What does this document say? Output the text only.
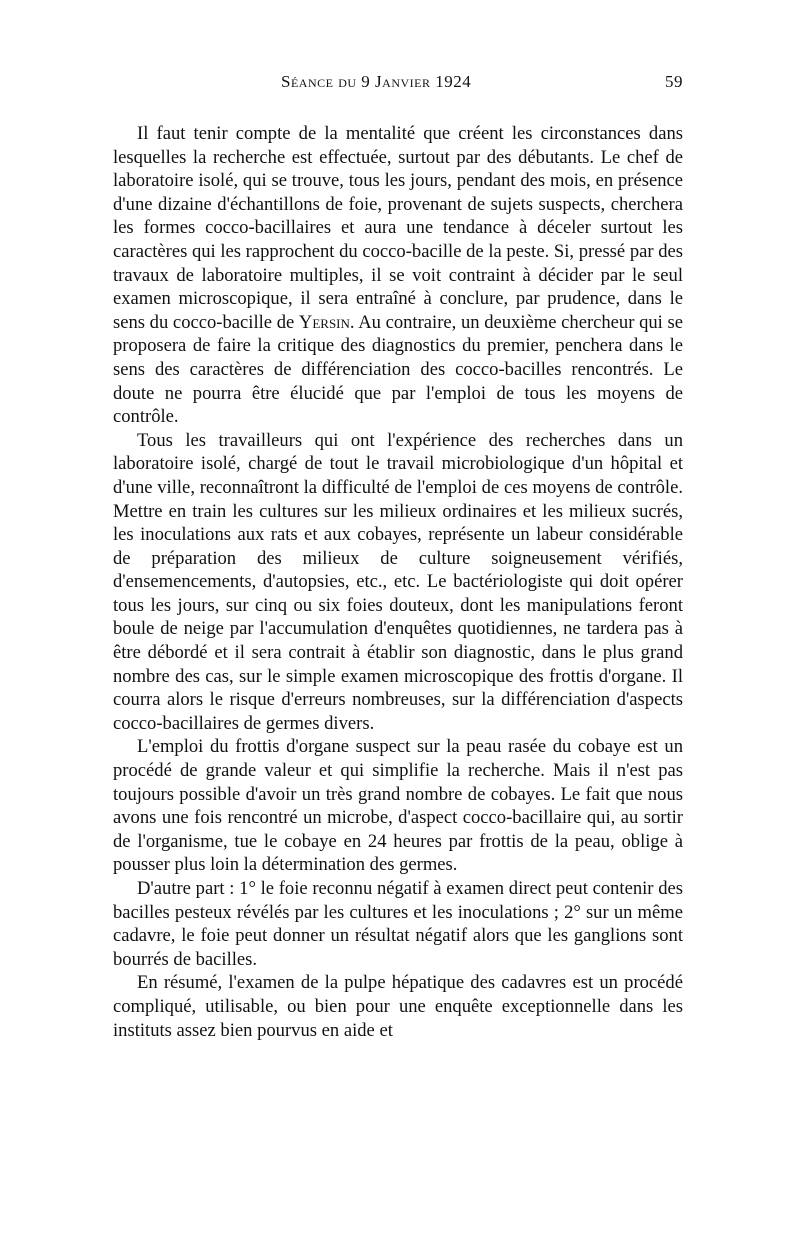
Séance du 9 Janvier 1924	59

Il faut tenir compte de la mentalité que créent les circonstances dans lesquelles la recherche est effectuée, surtout par des débutants. Le chef de laboratoire isolé, qui se trouve, tous les jours, pendant des mois, en présence d'une dizaine d'échantillons de foie, provenant de sujets suspects, cherchera les formes cocco-bacillaires et aura une tendance à déceler surtout les caractères qui les rapprochent du cocco-bacille de la peste. Si, pressé par des travaux de laboratoire multiples, il se voit contraint à décider par le seul examen microscopique, il sera entraîné à conclure, par prudence, dans le sens du cocco-bacille de Yersin. Au contraire, un deuxième chercheur qui se proposera de faire la critique des diagnostics du premier, penchera dans le sens des caractères de différenciation des cocco-bacilles rencontrés. Le doute ne pourra être élucidé que par l'emploi de tous les moyens de contrôle.

Tous les travailleurs qui ont l'expérience des recherches dans un laboratoire isolé, chargé de tout le travail microbiologique d'un hôpital et d'une ville, reconnaîtront la difficulté de l'emploi de ces moyens de contrôle. Mettre en train les cultures sur les milieux ordinaires et les milieux sucrés, les inoculations aux rats et aux cobayes, représente un labeur considérable de préparation des milieux de culture soigneusement vérifiés, d'ensemencements, d'autopsies, etc., etc. Le bactériologiste qui doit opérer tous les jours, sur cinq ou six foies douteux, dont les manipulations feront boule de neige par l'accumulation d'enquêtes quotidiennes, ne tardera pas à être débordé et il sera contrait à établir son diagnostic, dans le plus grand nombre des cas, sur le simple examen microscopique des frottis d'organe. Il courra alors le risque d'erreurs nombreuses, sur la différenciation d'aspects cocco-bacillaires de germes divers.

L'emploi du frottis d'organe suspect sur la peau rasée du cobaye est un procédé de grande valeur et qui simplifie la recherche. Mais il n'est pas toujours possible d'avoir un très grand nombre de cobayes. Le fait que nous avons une fois rencontré un microbe, d'aspect cocco-bacillaire qui, au sortir de l'organisme, tue le cobaye en 24 heures par frottis de la peau, oblige à pousser plus loin la détermination des germes.

D'autre part : 1° le foie reconnu négatif à examen direct peut contenir des bacilles pesteux révélés par les cultures et les inoculations ; 2° sur un même cadavre, le foie peut donner un résultat négatif alors que les ganglions sont bourrés de bacilles.

En résumé, l'examen de la pulpe hépatique des cadavres est un procédé compliqué, utilisable, ou bien pour une enquête exceptionnelle dans les instituts assez bien pourvus en aide et
